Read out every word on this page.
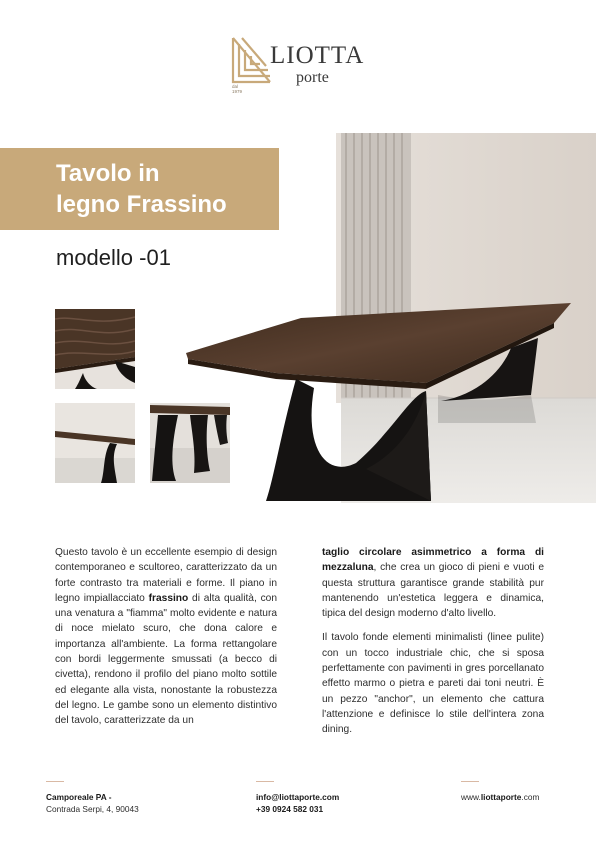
dal
1979
LIOTTA
porte
Tavolo in
legno Frassino
modello -01

Questo tavolo è un eccellente esempio di design contemporaneo e scultoreo, caratterizzato da un forte contrasto tra materiali e forme. Il piano in legno impiallacciato frassino di alta qualità, con una venatura a "fiamma" molto evidente e natura di noce mielato scuro, che dona calore e importanza all'ambiente. La forma rettangolare con bordi leggermente smussati (a becco di civetta), rendono il profilo del piano molto sottile ed elegante alla vista, nonostante la robustezza del legno. Le gambe sono un elemento distintivo del tavolo, caratterizzate da un

taglio circolare asimmetrico a forma di mezzaluna, che crea un gioco di pieni e vuoti e questa struttura garantisce grande stabilità pur mantenendo un'estetica leggera e dinamica, tipica del design moderno d'alto livello.

Il tavolo fonde elementi minimalisti (linee pulite) con un tocco industriale chic, che si sposa perfettamente con pavimenti in gres porcellanato effetto marmo o pietra e pareti dai toni neutri. È un pezzo "anchor", un elemento che cattura l'attenzione e definisce lo stile dell'intera zona dining.

Camporeale PA -
Contrada Serpi, 4, 90043
info@liottaporte.com
+39 0924 582 031
www.liottaporte.com
